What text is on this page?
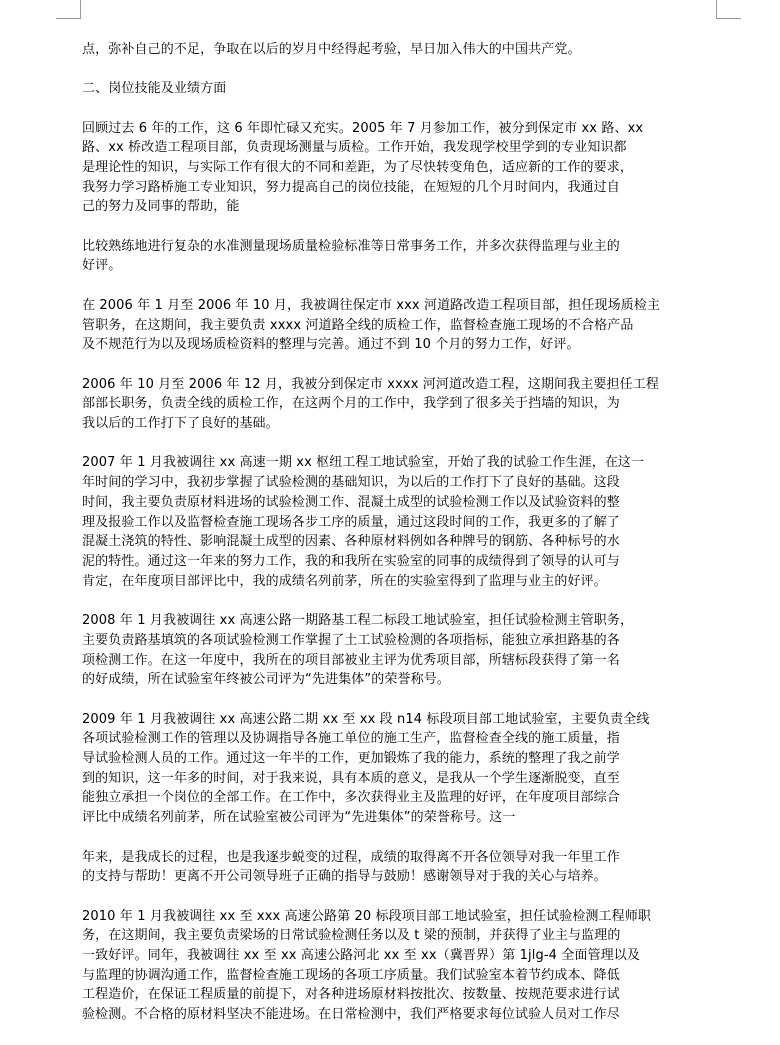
点，弥补自己的不足，争取在以后的岁月中经得起考验，早日加入伟大的中国共产党。

二、岗位技能及业绩方面

回顾过去 6 年的工作，这 6 年即忙碌又充实。2005 年 7 月参加工作，被分到保定市 xx 路、xx
路、xx 桥改造工程项目部，负责现场测量与质检。工作开始，我发现学校里学到的专业知识都
是理论性的知识，与实际工作有很大的不同和差距，为了尽快转变角色，适应新的工作的要求，
我努力学习路桥施工专业知识，努力提高自己的岗位技能，在短短的几个月时间内，我通过自
己的努力及同事的帮助，能

比较熟练地进行复杂的水准测量现场质量检验标准等日常事务工作，并多次获得监理与业主的
好评。

在 2006 年 1 月至 2006 年 10 月，我被调往保定市 xxx 河道路改造工程项目部，担任现场质检主
管职务，在这期间，我主要负责 xxxx 河道路全线的质检工作，监督检查施工现场的不合格产品
及不规范行为以及现场质检资料的整理与完善。通过不到 10 个月的努力工作，好评。

2006 年 10 月至 2006 年 12 月，我被分到保定市 xxxx 河河道改造工程，这期间我主要担任工程
部部长职务，负责全线的质检工作，在这两个月的工作中，我学到了很多关于挡墙的知识，为
我以后的工作打下了良好的基础。

2007 年 1 月我被调往 xx 高速一期 xx 枢纽工程工地试验室，开始了我的试验工作生涯，在这一
年时间的学习中，我初步掌握了试验检测的基础知识，为以后的工作打下了良好的基础。这段
时间，我主要负责原材料进场的试验检测工作、混凝土成型的试验检测工作以及试验资料的整
理及报验工作以及监督检查施工现场各步工序的质量，通过这段时间的工作，我更多的了解了
混凝土浇筑的特性、影响混凝土成型的因素、各种原材料例如各种牌号的钢筋、各种标号的水
泥的特性。通过这一年来的努力工作，我的和我所在实验室的同事的成绩得到了领导的认可与
肯定，在年度项目部评比中，我的成绩名列前茅，所在的实验室得到了监理与业主的好评。

2008 年 1 月我被调往 xx 高速公路一期路基工程二标段工地试验室，担任试验检测主管职务，
主要负责路基填筑的各项试验检测工作掌握了土工试验检测的各项指标，能独立承担路基的各
项检测工作。在这一年度中，我所在的项目部被业主评为优秀项目部，所辖标段获得了第一名
的好成绩，所在试验室年终被公司评为“先进集体”的荣誉称号。

2009 年 1 月我被调往 xx 高速公路二期 xx 至 xx 段 n14 标段项目部工地试验室，主要负责全线
各项试验检测工作的管理以及协调指导各施工单位的施工生产，监督检查全线的施工质量，指
导试验检测人员的工作。通过这一年半的工作，更加锻炼了我的能力，系统的整理了我之前学
到的知识，这一年多的时间，对于我来说，具有本质的意义，是我从一个学生逐渐脱变，直至
能独立承担一个岗位的全部工作。在工作中，多次获得业主及监理的好评，在年度项目部综合
评比中成绩名列前茅，所在试验室被公司评为“先进集体”的荣誉称号。这一

年来，是我成长的过程，也是我逐步蜕变的过程，成绩的取得离不开各位领导对我一年里工作
的支持与帮助！更离不开公司领导班子正确的指导与鼓励！感谢领导对于我的关心与培养。

2010 年 1 月我被调往 xx 至 xxx 高速公路第 20 标段项目部工地试验室，担任试验检测工程师职
务，在这期间，我主要负责梁场的日常试验检测任务以及 t 梁的预制，并获得了业主与监理的
一致好评。同年，我被调往 xx 至 xx 高速公路河北 xx 至 xx（冀晋界）第 1jlg-4 全面管理以及
与监理的协调沟通工作，监督检查施工现场的各项工序质量。我们试验室本着节约成本、降低
工程造价，在保证工程质量的前提下，对各种进场原材料按批次、按数量、按规范要求进行试
验检测。不合格的原材料坚决不能进场。在日常检测中，我们严格要求每位试验人员对工作尽
